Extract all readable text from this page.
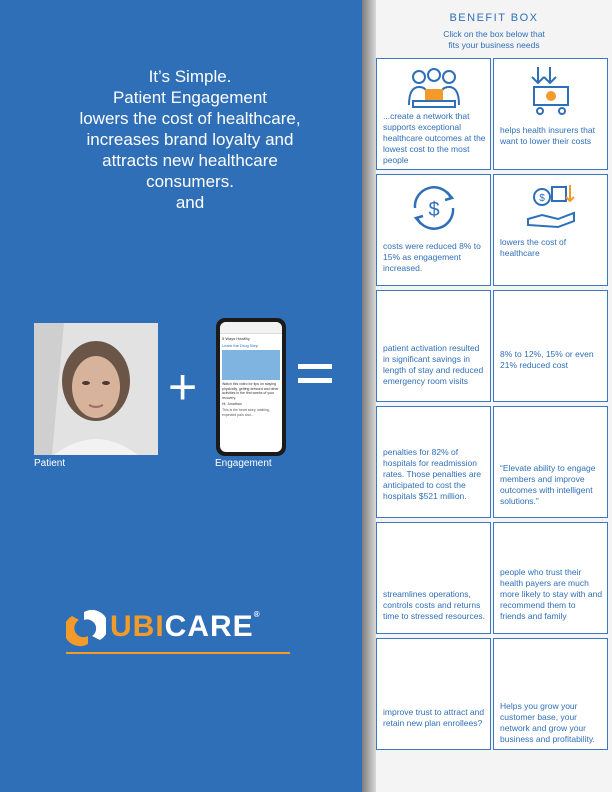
It’s Simple.
Patient Engagement
lowers the cost of healthcare,
increases brand loyalty and
attracts new healthcare
consumers.
and
Patient
+
5 Ways Healthy
Learn the Drug Step
Watch this video for tips on staying physically, getting dressed and other activities in the first weeks of your recovery.
Hi, Jonathan
This is the heart story, walking, expected pain and...
Engagement
UBICARE®
BENEFIT BOX
Click on the box below that
fits your business needs
...create a network that supports exceptional healthcare outcomes at the lowest cost to the most people
helps health insurers that want to lower their costs
$
costs were reduced 8% to 15% as engagement increased.
$
lowers the cost of healthcare
patient activation resulted in significant savings in length of stay and reduced emergency room visits
8% to 12%, 15% or even 21% reduced cost
penalties for 82% of hospitals for readmission rates. Those penalties are anticipated to cost the hospitals $521 million.
“Elevate ability to engage members and improve outcomes with intelligent solutions.”
streamlines operations, controls costs and returns time to stressed resources.
people who trust their health payers are much more likely to stay with and recommend them to friends and family
improve trust to attract and retain new plan enrollees?
Helps you grow your customer base, your network and grow your business and profitability.
